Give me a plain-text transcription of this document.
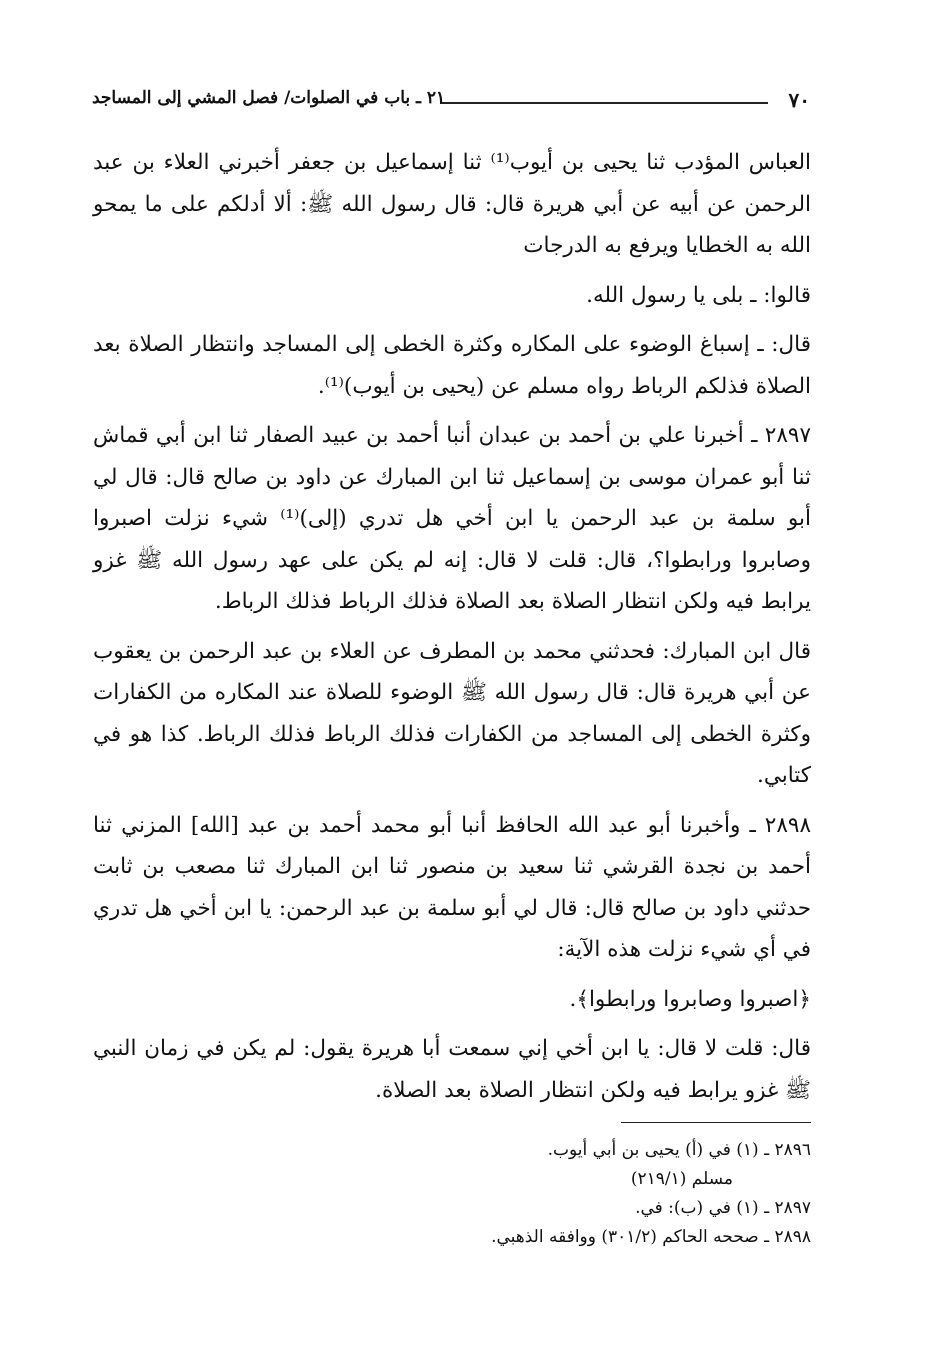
٧٠
٢١ ـ باب في الصلوات/ فصل المشي إلى المساجد

العباس المؤدب ثنا يحيى بن أيوب⁽¹⁾ ثنا إسماعيل بن جعفر أخبرني العلاء بن عبد الرحمن عن أبيه عن أبي هريرة قال: قال رسول الله ﷺ: ألا أدلكم على ما يمحو الله به الخطايا ويرفع به الدرجات

قالوا: ـ بلى يا رسول الله.

قال: ـ إسباغ الوضوء على المكاره وكثرة الخطى إلى المساجد وانتظار الصلاة بعد الصلاة فذلكم الرباط رواه مسلم عن (يحيى بن أيوب)⁽¹⁾.

٢٨٩٧ ـ أخبرنا علي بن أحمد بن عبدان أنبا أحمد بن عبيد الصفار ثنا ابن أبي قماش ثنا أبو عمران موسى بن إسماعيل ثنا ابن المبارك عن داود بن صالح قال: قال لي أبو سلمة بن عبد الرحمن يا ابن أخي هل تدري (إلى)⁽¹⁾ شيء نزلت اصبروا وصابروا ورابطوا؟، قال: قلت لا قال: إنه لم يكن على عهد رسول الله ﷺ غزو يرابط فيه ولكن انتظار الصلاة بعد الصلاة فذلك الرباط فذلك الرباط.

قال ابن المبارك: فحدثني محمد بن المطرف عن العلاء بن عبد الرحمن بن يعقوب عن أبي هريرة قال: قال رسول الله ﷺ الوضوء للصلاة عند المكاره من الكفارات وكثرة الخطى إلى المساجد من الكفارات فذلك الرباط فذلك الرباط. كذا هو في كتابي.

٢٨٩٨ ـ وأخبرنا أبو عبد الله الحافظ أنبا أبو محمد أحمد بن عبد [الله] المزني ثنا أحمد بن نجدة القرشي ثنا سعيد بن منصور ثنا ابن المبارك ثنا مصعب بن ثابت حدثني داود بن صالح قال: قال لي أبو سلمة بن عبد الرحمن: يا ابن أخي هل تدري في أي شيء نزلت هذه الآية:

﴿اصبروا وصابروا ورابطوا﴾.

قال: قلت لا قال: يا ابن أخي إني سمعت أبا هريرة يقول: لم يكن في زمان النبي ﷺ غزو يرابط فيه ولكن انتظار الصلاة بعد الصلاة.

٢٨٩٦ ـ (١) في (أ) يحيى بن أبي أيوب.
مسلم (٢١٩/١)
٢٨٩٧ ـ (١) في (ب): في.
٢٨٩٨ ـ صححه الحاكم (٣٠١/٢) ووافقه الذهبي.
